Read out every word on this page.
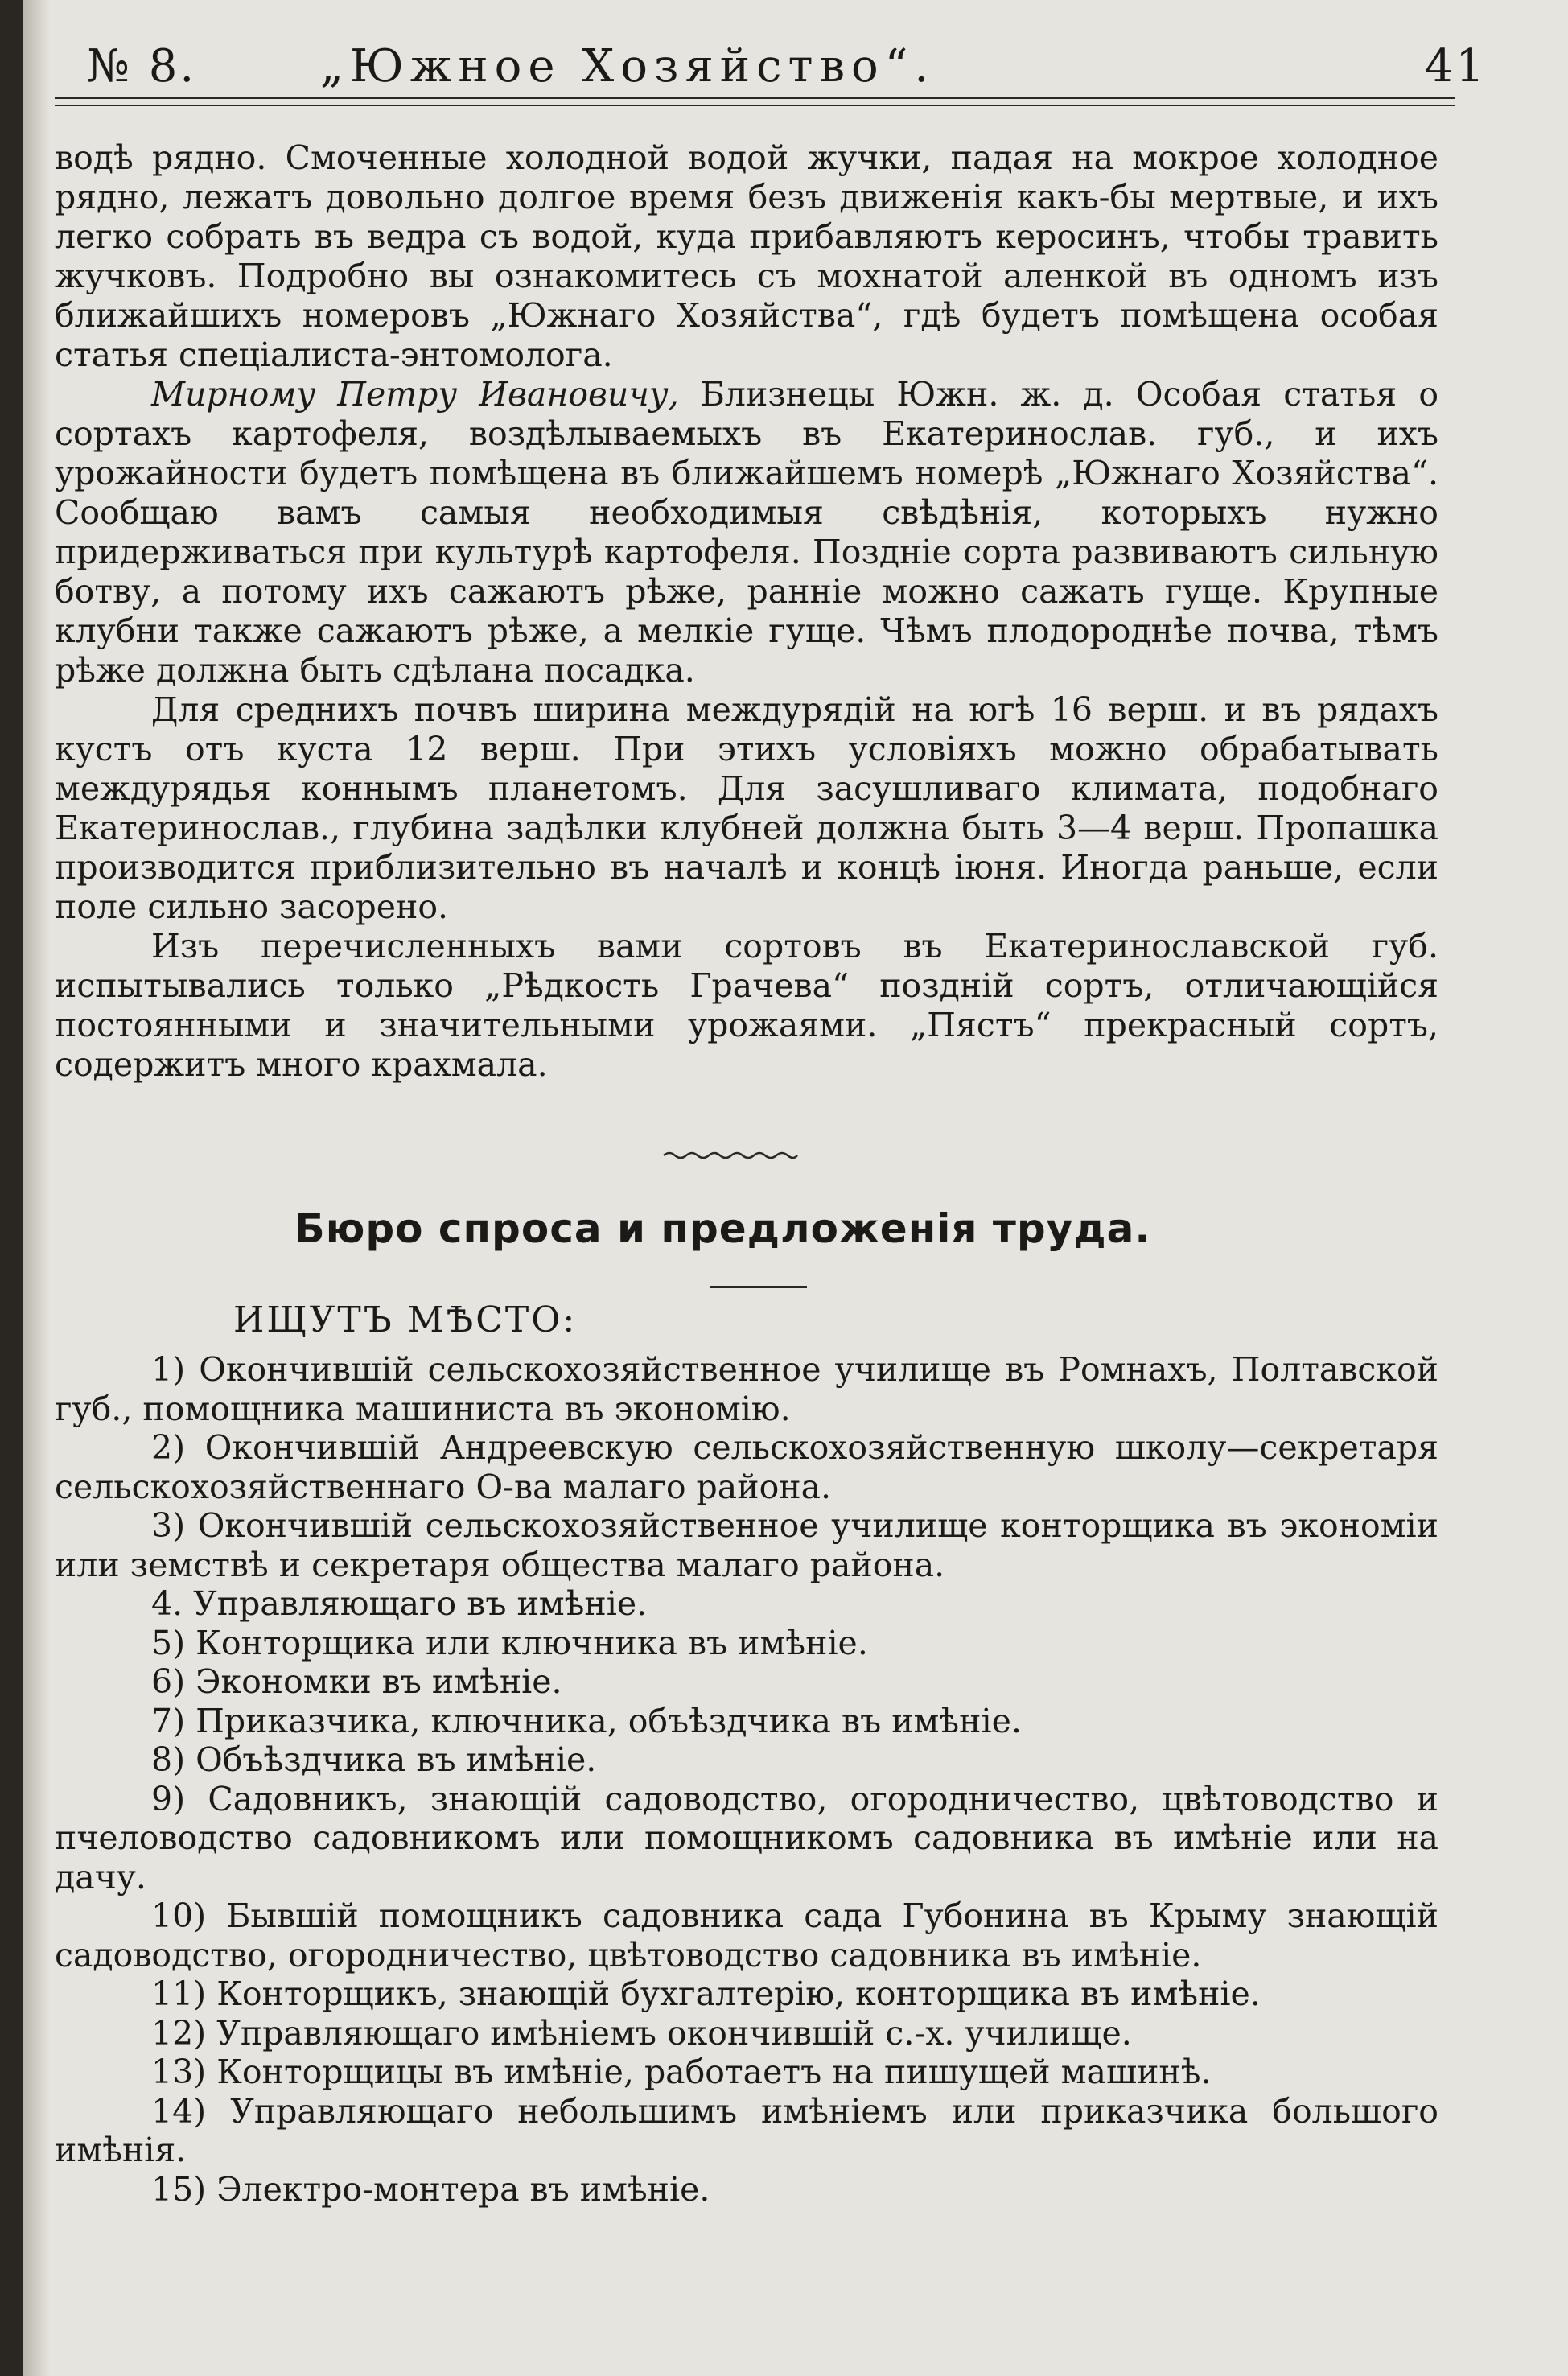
№ 8.	„Южное Хозяйство“.	41

водѣ рядно. Смоченные холодной водой жучки, падая на мокрое холодное рядно, лежатъ довольно долгое время безъ движенія какъ-бы мертвые, и ихъ легко собрать въ ведра съ водой, куда прибавляютъ керосинъ, чтобы травить жучковъ. Подробно вы ознакомитесь съ мохнатой аленкой въ одномъ изъ ближайшихъ номеровъ „Южнаго Хозяйства“, гдѣ будетъ помѣщена особая статья спеціалиста-энтомолога.

Мирному Петру Ивановичу, Близнецы Южн. ж. д. Особая статья о сортахъ картофеля, воздѣлываемыхъ въ Екатеринослав. губ., и ихъ урожайности будетъ помѣщена въ ближайшемъ номерѣ „Южнаго Хозяйства“. Сообщаю вамъ самыя необходимыя свѣдѣнія, которыхъ нужно придерживаться при культурѣ картофеля. Поздніе сорта развиваютъ сильную ботву, а потому ихъ сажаютъ рѣже, ранніе можно сажать гуще. Крупные клубни также сажаютъ рѣже, а мелкіе гуще. Чѣмъ плодороднѣе почва, тѣмъ рѣже должна быть сдѣлана посадка.

Для среднихъ почвъ ширина междурядій на югѣ 16 верш. и въ рядахъ кустъ отъ куста 12 верш. При этихъ условіяхъ можно обрабатывать междурядья коннымъ планетомъ. Для засушливаго климата, подобнаго Екатеринослав., глубина задѣлки клубней должна быть 3—4 верш. Пропашка производится приблизительно въ началѣ и концѣ іюня. Иногда раньше, если поле сильно засорено.

Изъ перечисленныхъ вами сортовъ въ Екатеринославской губ. испытывались только „Рѣдкость Грачева“ поздній сортъ, отличающійся постоянными и значительными урожаями. „Пястъ“ прекрасный сортъ, содержитъ много крахмала.

Бюро спроса и предложенія труда.
ИЩУТЪ МѢСТО:

1) Окончившій сельскохозяйственное училище въ Ромнахъ, Полтавской губ., помощника машиниста въ экономію.

2) Окончившій Андреевскую сельскохозяйственную школу—секретаря сельскохозяйственнаго О-ва малаго района.

3) Окончившій сельскохозяйственное училище конторщика въ экономіи или земствѣ и секретаря общества малаго района.

4. Управляющаго въ имѣніе.

5) Конторщика или ключника въ имѣніе.

6) Экономки въ имѣніе.

7) Приказчика, ключника, объѣздчика въ имѣніе.

8) Объѣздчика въ имѣніе.

9) Садовникъ, знающій садоводство, огородничество, цвѣтоводство и пчеловодство садовникомъ или помощникомъ садовника въ имѣніе или на дачу.

10) Бывшій помощникъ садовника сада Губонина въ Крыму знающій садоводство, огородничество, цвѣтоводство садовника въ имѣніе.

11) Конторщикъ, знающій бухгалтерію, конторщика въ имѣніе.

12) Управляющаго имѣніемъ окончившій с.-х. училище.

13) Конторщицы въ имѣніе, работаетъ на пишущей машинѣ.

14) Управляющаго небольшимъ имѣніемъ или приказчика большого имѣнія.

15) Электро-монтера въ имѣніе.
